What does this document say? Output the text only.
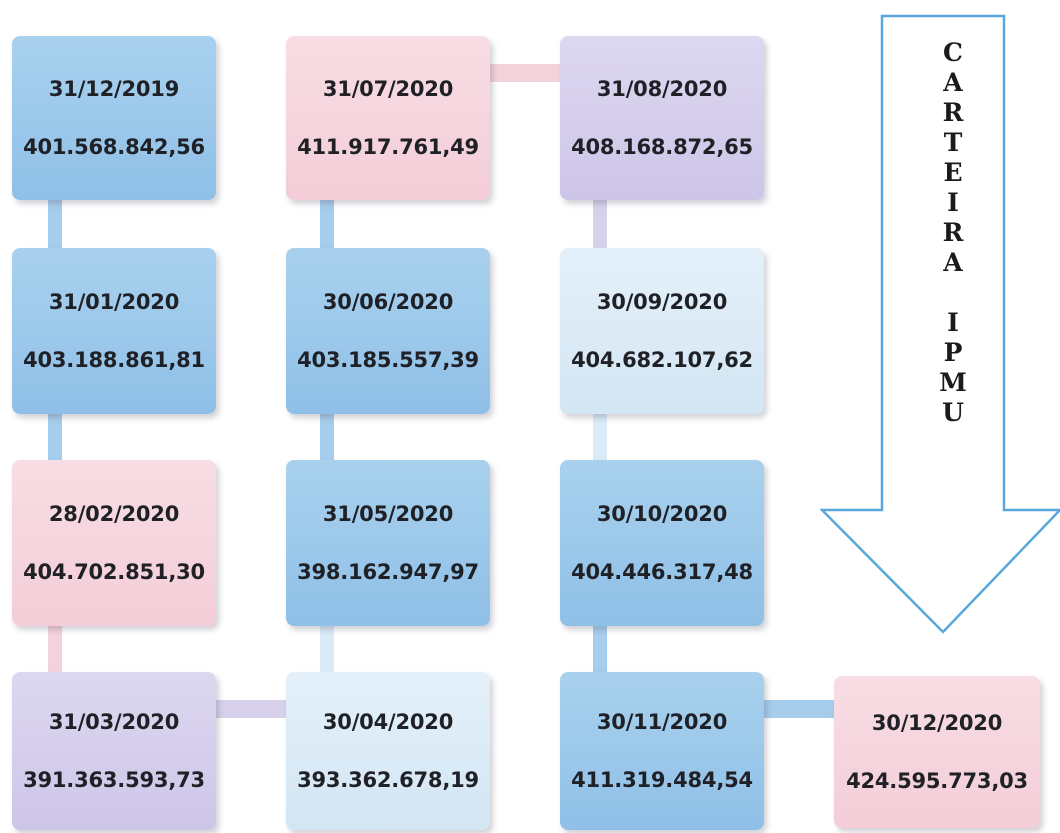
31/12/2019
401.568.842,56
31/01/2020
403.188.861,81
28/02/2020
404.702.851,30
31/03/2020
391.363.593,73
31/07/2020
411.917.761,49
30/06/2020
403.185.557,39
31/05/2020
398.162.947,97
30/04/2020
393.362.678,19
31/08/2020
408.168.872,65
30/09/2020
404.682.107,62
30/10/2020
404.446.317,48
30/11/2020
411.319.484,54
30/12/2020
424.595.773,03
C
A
R
T
E
I
R
A
I
P
M
U
